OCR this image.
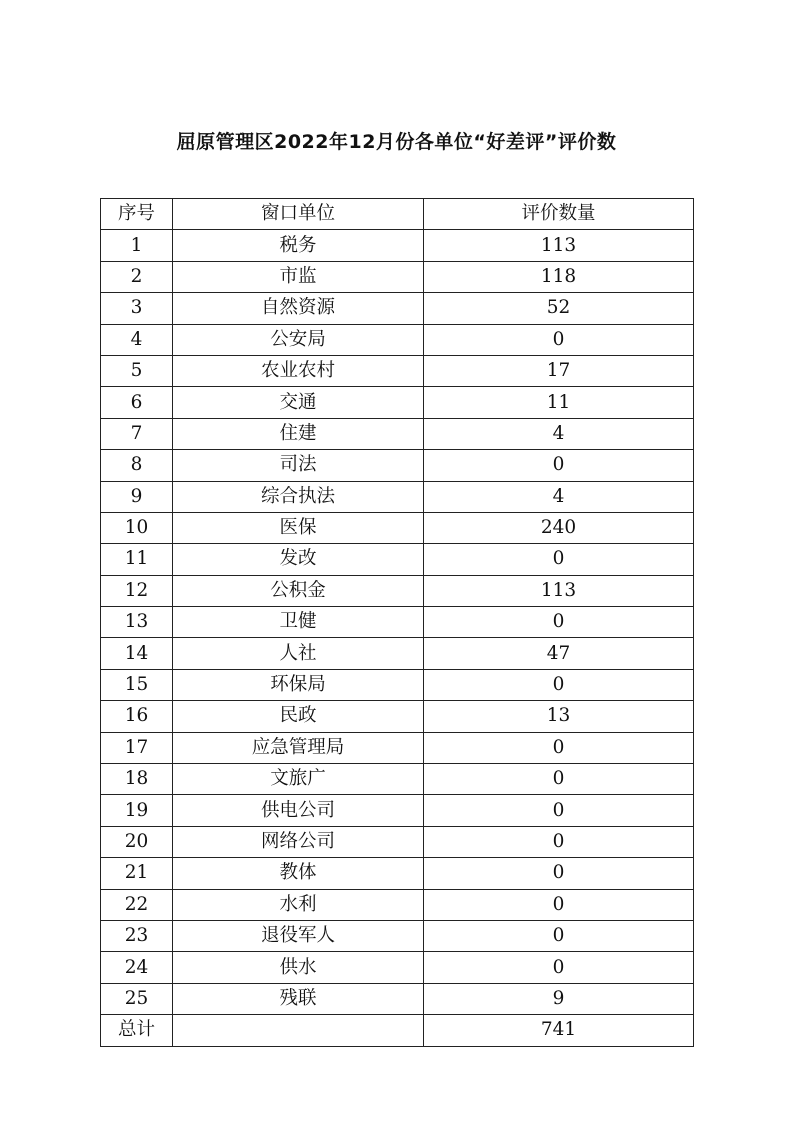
屈原管理区2022年12月份各单位“好差评”评价数
序号	窗口单位	评价数量
1	税务	113
2	市监	118
3	自然资源	52
4	公安局	0
5	农业农村	17
6	交通	11
7	住建	4
8	司法	0
9	综合执法	4
10	医保	240
11	发改	0
12	公积金	113
13	卫健	0
14	人社	47
15	环保局	0
16	民政	13
17	应急管理局	0
18	文旅广	0
19	供电公司	0
20	网络公司	0
21	教体	0
22	水利	0
23	退役军人	0
24	供水	0
25	残联	9
总计		741
